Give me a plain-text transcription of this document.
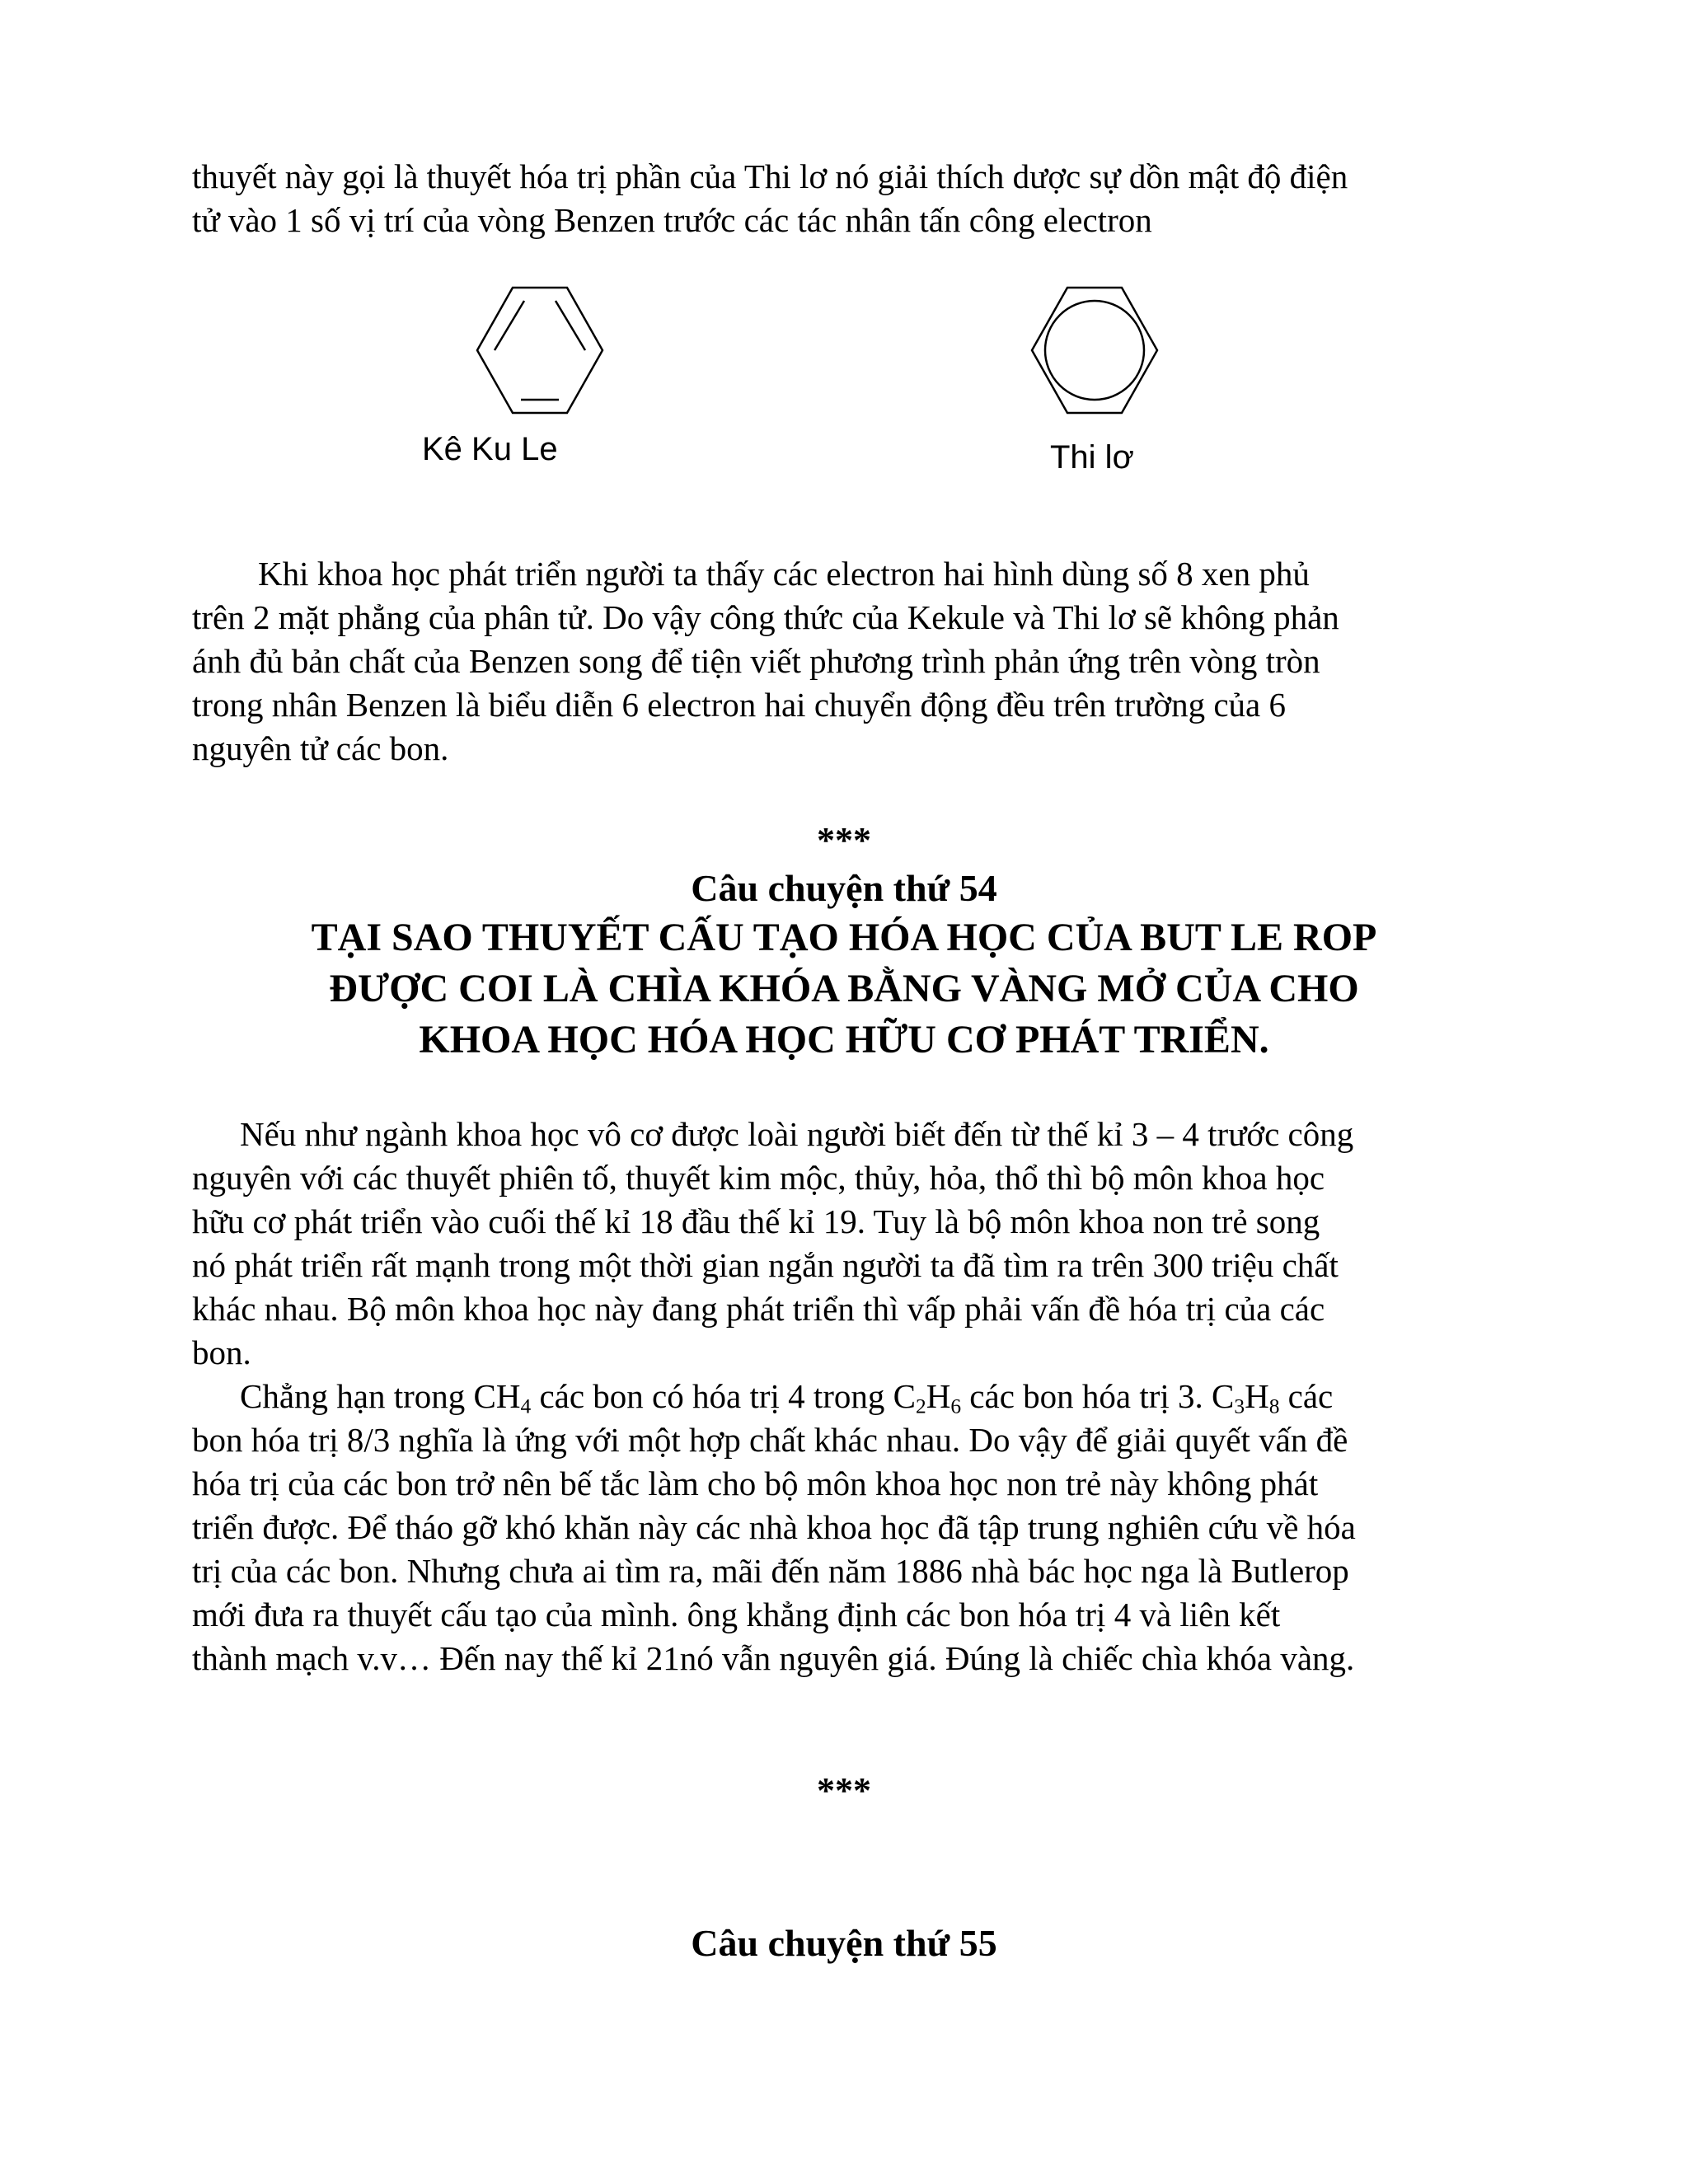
thuyết này gọi là thuyết hóa trị phần của Thi lơ nó giải thích dược sự dồn mật độ điện
tử vào 1 số vị trí của vòng Benzen trước các tác nhân tấn công electron

Kê Ku Le	Thi lơ

Khi khoa học phát triển người ta thấy các electron hai hình dùng số 8 xen phủ
trên 2 mặt phẳng của phân tử. Do vậy công thức của Kekule và Thi lơ sẽ không phản
ánh đủ bản chất của Benzen song để tiện viết phương trình phản ứng trên vòng tròn
trong nhân Benzen là biểu diễn 6 electron hai chuyển động đều trên trường của 6
nguyên tử các bon.

***
Câu chuyện thứ 54
TẠI SAO THUYẾT CẤU TẠO HÓA HỌC CỦA BUT LE ROP
ĐƯỢC COI LÀ CHÌA KHÓA BẰNG VÀNG MỞ CỦA CHO
KHOA HỌC HÓA HỌC HỮU CƠ PHÁT TRIỂN.

Nếu như ngành khoa học vô cơ được loài người biết đến từ thế kỉ 3 – 4 trước công
nguyên với các thuyết phiên tố, thuyết kim mộc, thủy, hỏa, thổ thì bộ môn khoa học
hữu cơ phát triển vào cuối thế kỉ 18 đầu thế kỉ 19. Tuy là bộ môn khoa non trẻ song
nó phát triển rất mạnh trong một thời gian ngắn người ta đã tìm ra trên 300 triệu chất
khác nhau. Bộ môn khoa học này đang phát triển thì vấp phải vấn đề hóa trị của các
bon.

Chẳng hạn trong $CH_4$ các bon có hóa trị 4 trong $C_2H_6$ các bon hóa trị 3. $C_3H_8$ các
bon hóa trị 8/3 nghĩa là ứng với một hợp chất khác nhau. Do vậy để giải quyết vấn đề
hóa trị của các bon trở nên bế tắc làm cho bộ môn khoa học non trẻ này không phát
triển được. Để tháo gỡ khó khăn này các nhà khoa học đã tập trung nghiên cứu về hóa
trị của các bon. Nhưng chưa ai tìm ra, mãi đến năm 1886 nhà bác học nga là Butlerop
mới đưa ra thuyết cấu tạo của mình. ông khẳng định các bon hóa trị 4 và liên kết
thành mạch v.v… Đến nay thế kỉ 21nó vẫn nguyên giá. Đúng là chiếc chìa khóa vàng.

***
Câu chuyện thứ 55
